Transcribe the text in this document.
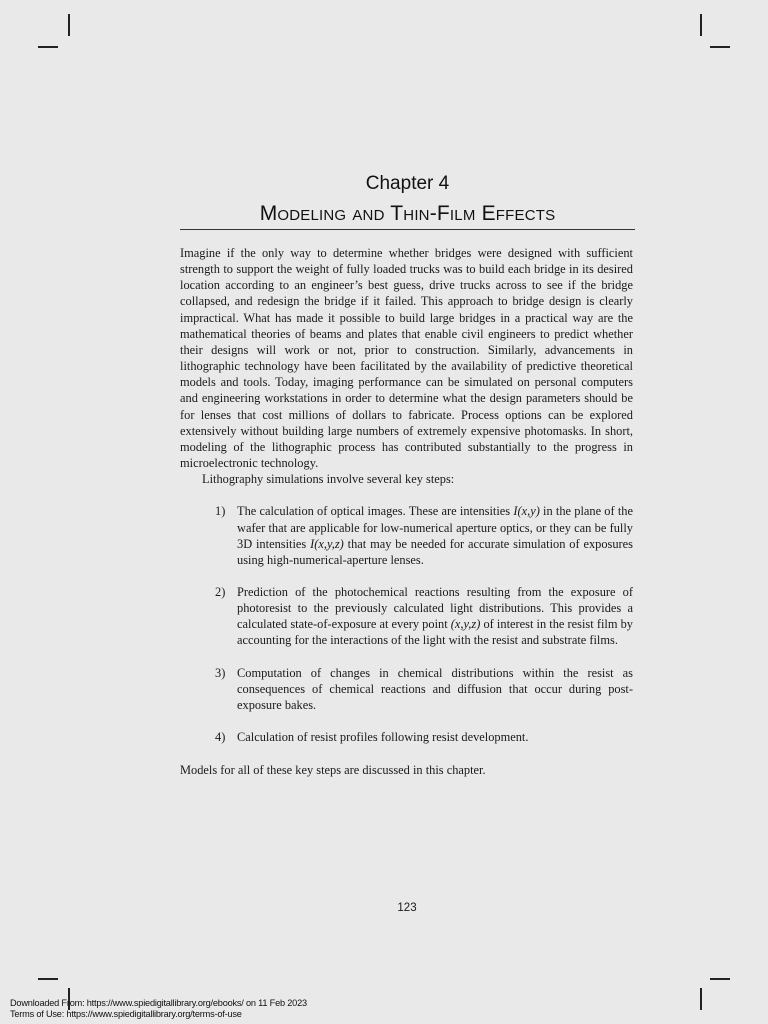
Chapter 4
Modeling and Thin-Film Effects

Imagine if the only way to determine whether bridges were designed with sufficient strength to support the weight of fully loaded trucks was to build each bridge in its desired location according to an engineer’s best guess, drive trucks across to see if the bridge collapsed, and redesign the bridge if it failed. This approach to bridge design is clearly impractical. What has made it possible to build large bridges in a practical way are the mathematical theories of beams and plates that enable civil engineers to predict whether their designs will work or not, prior to construction. Similarly, advancements in lithographic technology have been facilitated by the availability of predictive theoretical models and tools. Today, imaging performance can be simulated on personal computers and engineering workstations in order to determine what the design parameters should be for lenses that cost millions of dollars to fabricate. Process options can be explored extensively without building large numbers of extremely expensive photomasks. In short, modeling of the lithographic process has contributed substantially to the progress in microelectronic technology.

Lithography simulations involve several key steps:

1) The calculation of optical images. These are intensities I(x,y) in the plane of the wafer that are applicable for low-numerical aperture optics, or they can be fully 3D intensities I(x,y,z) that may be needed for accurate simulation of exposures using high-numerical-aperture lenses.
2) Prediction of the photochemical reactions resulting from the exposure of photoresist to the previously calculated light distributions. This provides a calculated state-of-exposure at every point (x,y,z) of interest in the resist film by accounting for the interactions of the light with the resist and substrate films.
3) Computation of changes in chemical distributions within the resist as consequences of chemical reactions and diffusion that occur during post-exposure bakes.
4) Calculation of resist profiles following resist development.

Models for all of these key steps are discussed in this chapter.

123
Downloaded From: https://www.spiedigitallibrary.org/ebooks/ on 11 Feb 2023
Terms of Use: https://www.spiedigitallibrary.org/terms-of-use
